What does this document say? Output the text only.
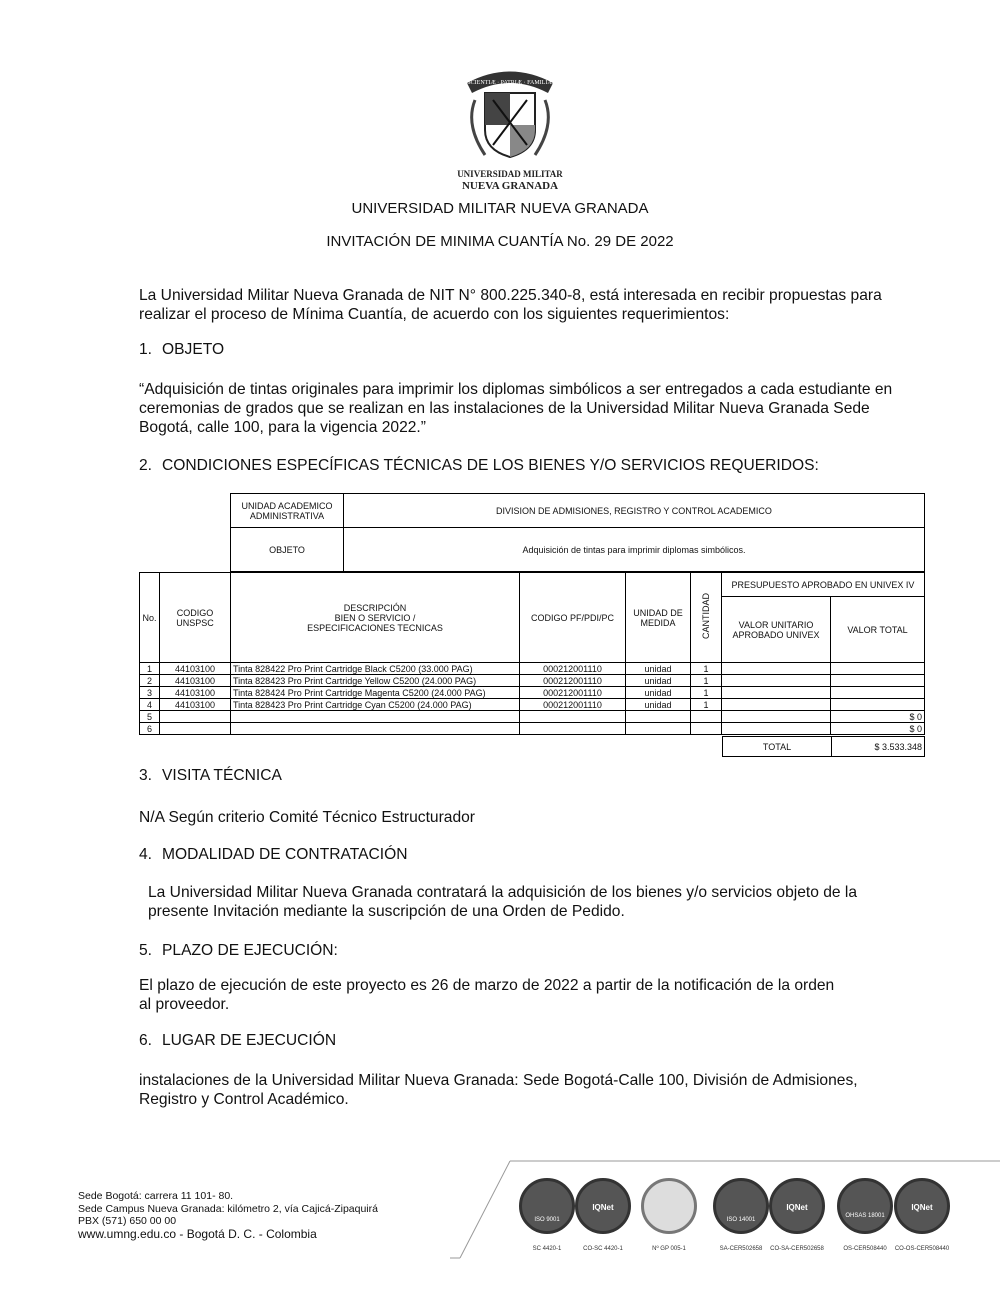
SCIENTIÆ · PATRIÆ · FAMILIÆ
UNIVERSIDAD MILITAR
NUEVA GRANADA
UNIVERSIDAD MILITAR NUEVA GRANADA
INVITACIÓN DE MINIMA CUANTÍA No. 29 DE 2022
La Universidad Militar Nueva Granada de NIT N° 800.225.340-8, está interesada en recibir propuestas para realizar el proceso de Mínima Cuantía, de acuerdo con los siguientes requerimientos:
1. OBJETO
“Adquisición de tintas originales para imprimir los diplomas simbólicos a ser entregados a cada estudiante en ceremonias de grados que se realizan en las instalaciones de la Universidad Militar Nueva Granada Sede Bogotá, calle 100, para la vigencia 2022.”
2. CONDICIONES ESPECÍFICAS TÉCNICAS DE LOS BIENES Y/O SERVICIOS REQUERIDOS:
UNIDAD ACADEMICO ADMINISTRATIVA	DIVISION DE ADMISIONES, REGISTRO Y CONTROL ACADEMICO
OBJETO	Adquisición de tintas para imprimir diplomas simbólicos.
No.	CODIGO UNSPSC	DESCRIPCIÓN
BIEN O SERVICIO /
ESPECIFICACIONES TECNICAS	CODIGO PF/PDI/PC	UNIDAD DE MEDIDA	CANTIDAD	PRESUPUESTO APROBADO EN UNIVEX IV	
						VALOR UNITARIO APROBADO UNIVEX	VALOR TOTAL
1	44103100	Tinta 828422 Pro Print Cartridge Black C5200 (33.000 PAG)	000212001110	unidad	1		
2	44103100	Tinta 828423 Pro Print Cartridge Yellow C5200 (24.000 PAG)	000212001110	unidad	1		
3	44103100	Tinta 828424 Pro Print Cartridge Magenta C5200 (24.000 PAG)	000212001110	unidad	1		
4	44103100	Tinta 828423 Pro Print Cartridge Cyan C5200 (24.000 PAG)	000212001110	unidad	1		
5							$ 0
6							$ 0
TOTAL	$ 3.533.348
3. VISITA TÉCNICA
N/A Según criterio Comité Técnico Estructurador
4. MODALIDAD DE CONTRATACIÓN
La Universidad Militar Nueva Granada contratará la adquisición de los bienes y/o servicios objeto de la presente Invitación mediante la suscripción de una Orden de Pedido.
5. PLAZO DE EJECUCIÓN:
El plazo de ejecución de este proyecto es 26 de marzo de 2022 a partir de la notificación de la orden al proveedor.
6. LUGAR DE EJECUCIÓN
instalaciones de la Universidad Militar Nueva Granada: Sede Bogotá-Calle 100, División de Admisiones, Registro y Control Académico.
Sede Bogotá: carrera 11 101- 80.
Sede Campus Nueva Granada: kilómetro 2, vía Cajicá-Zipaquirá
PBX (571) 650 00 00
www.umng.edu.co - Bogotá D. C. - Colombia
ISO 9001
IQNet
ISO 14001
IQNet
OHSAS 18001
IQNet
SC 4420-1	CO-SC 4420-1	Nº GP 005-1	SA-CER502658	CO-SA-CER502658	OS-CER508440	CO-OS-CER508440
